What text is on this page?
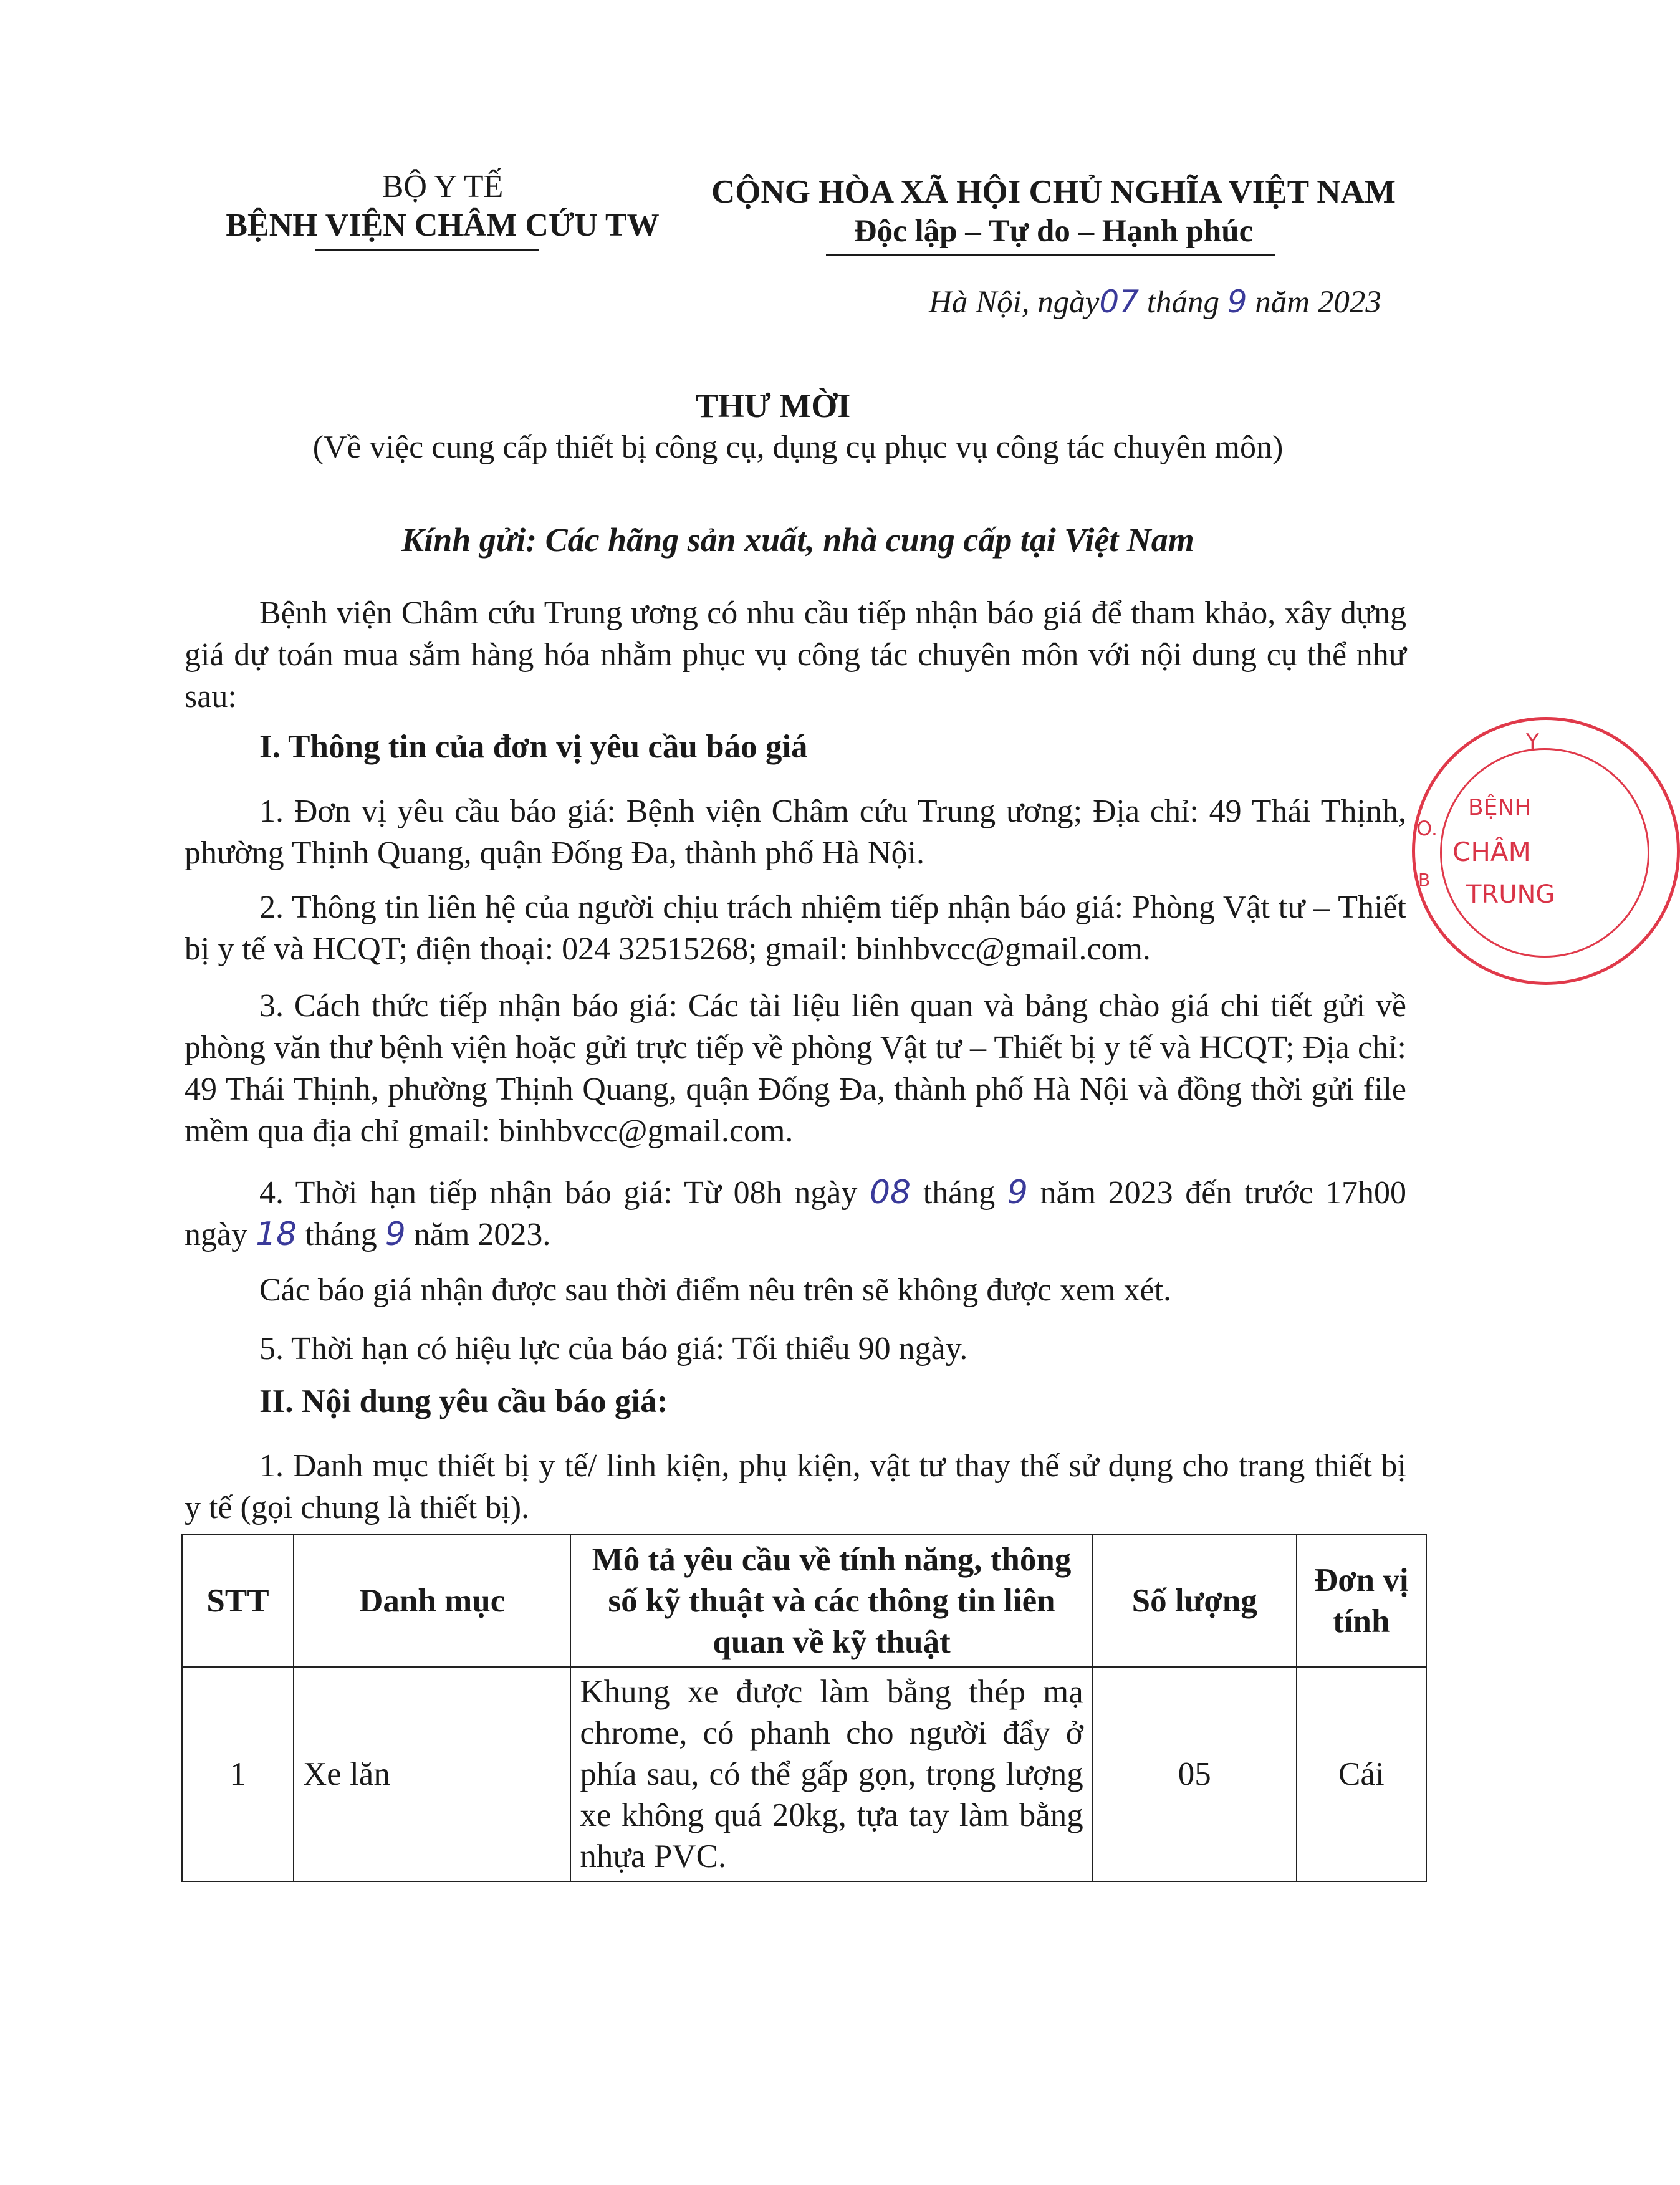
BỘ Y TẾ
BỆNH VIỆN CHÂM CỨU TW
CỘNG HÒA XÃ HỘI CHỦ NGHĨA VIỆT NAM
Độc lập – Tự do – Hạnh phúc
Hà Nội, ngày07 tháng 9 năm 2023
THƯ MỜI
(Về việc cung cấp thiết bị công cụ, dụng cụ phục vụ công tác chuyên môn)
Kính gửi: Các hãng sản xuất, nhà cung cấp tại Việt Nam
Bệnh viện Châm cứu Trung ương có nhu cầu tiếp nhận báo giá để tham khảo, xây dựng giá dự toán mua sắm hàng hóa nhằm phục vụ công tác chuyên môn với nội dung cụ thể như sau:
I. Thông tin của đơn vị yêu cầu báo giá
1. Đơn vị yêu cầu báo giá: Bệnh viện Châm cứu Trung ương; Địa chỉ: 49 Thái Thịnh, phường Thịnh Quang, quận Đống Đa, thành phố Hà Nội.
2. Thông tin liên hệ của người chịu trách nhiệm tiếp nhận báo giá: Phòng Vật tư – Thiết bị y tế và HCQT; điện thoại: 024 32515268; gmail: binhbvcc@gmail.com.
3. Cách thức tiếp nhận báo giá: Các tài liệu liên quan và bảng chào giá chi tiết gửi về phòng văn thư bệnh viện hoặc gửi trực tiếp về phòng Vật tư – Thiết bị y tế và HCQT; Địa chỉ: 49 Thái Thịnh, phường Thịnh Quang, quận Đống Đa, thành phố Hà Nội và đồng thời gửi file mềm qua địa chỉ gmail: binhbvcc@gmail.com.
4. Thời hạn tiếp nhận báo giá: Từ 08h ngày 08 tháng 9 năm 2023 đến trước 17h00 ngày 18 tháng 9 năm 2023.
Các báo giá nhận được sau thời điểm nêu trên sẽ không được xem xét.
5. Thời hạn có hiệu lực của báo giá: Tối thiểu 90 ngày.
II. Nội dung yêu cầu báo giá:
1. Danh mục thiết bị y tế/ linh kiện, phụ kiện, vật tư thay thế sử dụng cho trang thiết bị y tế (gọi chung là thiết bị).
STT	Danh mục	Mô tả yêu cầu về tính năng, thông số kỹ thuật và các thông tin liên quan về kỹ thuật	Số lượng	Đơn vị tính
1	Xe lăn	Khung xe được làm bằng thép mạ chrome, có phanh cho người đẩy ở phía sau, có thể gấp gọn, trọng lượng xe không quá 20kg, tựa tay làm bằng nhựa PVC.	05	Cái
Y
BỆNH
CHÂM
TRUNG
O.
B
